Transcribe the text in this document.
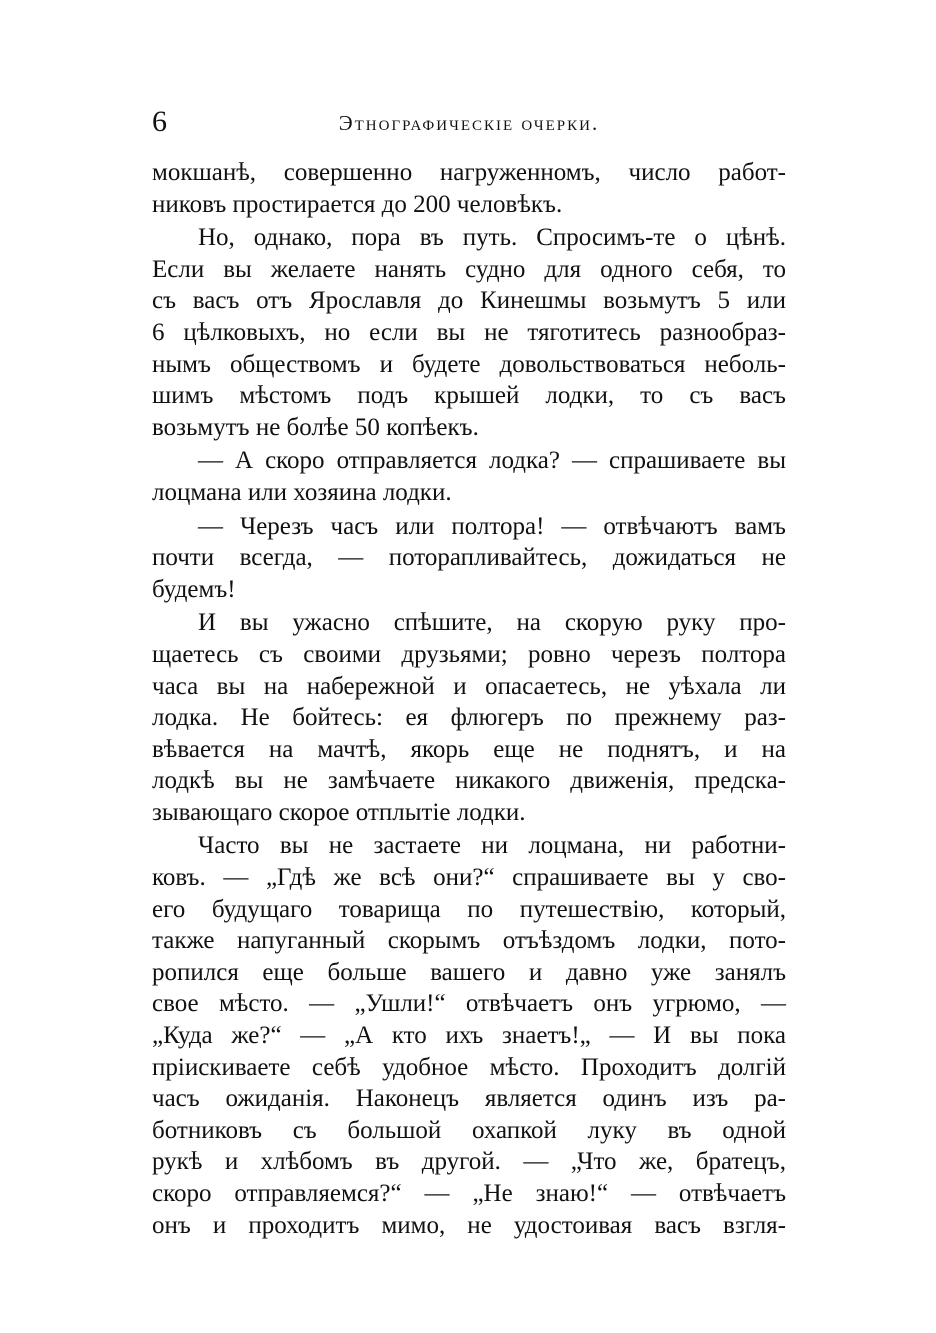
6	Этнографическіе очерки.
мокшанѣ, совершенно нагруженномъ, число работ-
никовъ простирается до 200 человѣкъ.
Но, однако, пора въ путь. Спросимъ-те о цѣнѣ.
Если вы желаете нанять судно для одного себя, то
съ васъ отъ Ярославля до Кинешмы возьмутъ 5 или
6 цѣлковыхъ, но если вы не тяготитесь разнообраз-
нымъ обществомъ и будете довольствоваться неболь-
шимъ мѣстомъ подъ крышей лодки, то съ васъ
возьмутъ не болѣе 50 копѣекъ.
— А скоро отправляется лодка? — спрашиваете вы
лоцмана или хозяина лодки.
— Черезъ часъ или полтора! — отвѣчаютъ вамъ
почти всегда, — поторапливайтесь, дожидаться не
будемъ!
И вы ужасно спѣшите, на скорую руку про-
щаетесь съ своими друзьями; ровно черезъ полтора
часа вы на набережной и опасаетесь, не уѣхала ли
лодка. Не бойтесь: ея флюгеръ по прежнему раз-
вѣвается на мачтѣ, якорь еще не поднятъ, и на
лодкѣ вы не замѣчаете никакого движенія, предска-
зывающаго скорое отплытіе лодки.
Часто вы не застаете ни лоцмана, ни работни-
ковъ. — „Гдѣ же всѣ они?“ спрашиваете вы у сво-
его будущаго товарища по путешествію, который,
также напуганный скорымъ отъѣздомъ лодки, пото-
ропился еще больше вашего и давно уже занялъ
свое мѣсто. — „Ушли!“ отвѣчаетъ онъ угрюмо, —
„Куда же?“ — „А кто ихъ знаетъ!„ — И вы пока
пріискиваете себѣ удобное мѣсто. Проходитъ долгій
часъ ожиданія. Наконецъ является одинъ изъ ра-
ботниковъ съ большой охапкой луку въ одной
рукѣ и хлѣбомъ въ другой. — „Что же, братецъ,
скоро отправляемся?“ — „Не знаю!“ — отвѣчаетъ
онъ и проходитъ мимо, не удостоивая васъ взгля-
